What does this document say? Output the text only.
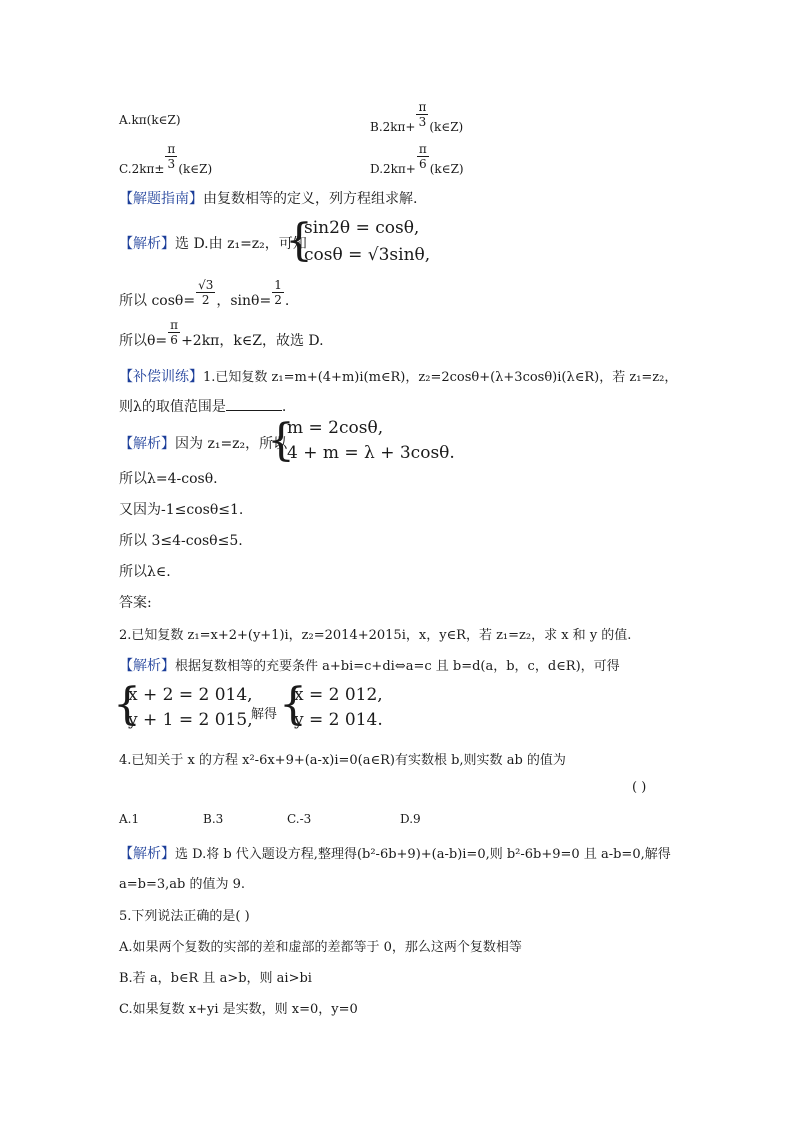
A.kπ(k∈Z)	$B.2k\pi+ \frac{\pi}{3}$ (k∈Z)
$C.2k\pi\pm \frac{\pi}{3}$ (k∈Z)	$D.2k\pi+ \frac{\pi}{6}$ (k∈Z)
【解题指南】由复数相等的定义，列方程组求解.
【解析】选 D.由 z₁=z₂，可知
{
sin2θ = cosθ,
cosθ = √3sinθ,
所以 $\cos\theta= \frac{√3}{2}$ ，$\sin\theta= \frac{1}{2}$ .
所以$\theta= \frac{\pi}{6} +2k\pi$，k∈Z，故选 D.
【补偿训练】1.已知复数 z₁=m+(4+m)i(m∈R)，z₂=2cosθ+(λ+3cosθ)i(λ∈R)，若 z₁=z₂，
则λ的取值范围是	.
【解析】因为 z₁=z₂，所以
{
m = 2cosθ,
4 + m = λ + 3cosθ.
所以λ=4-cosθ.
又因为-1≤cosθ≤1.
所以 3≤4-cosθ≤5.
所以λ∈.
答案:
2.已知复数 z₁=x+2+(y+1)i，z₂=2014+2015i，x，y∈R，若 z₁=z₂，求 x 和 y 的值.
【解析】根据复数相等的充要条件 a+bi=c+di⇔a=c 且 b=d(a，b，c，d∈R)，可得
{
x + 2 = 2 014,
y + 1 = 2 015,
解得 {
x = 2 012,
y = 2 014.
4.已知关于 x 的方程 x²-6x+9+(a-x)i=0(a∈R)有实数根 b,则实数 ab 的值为
( )
A.1	B.3	C.-3	D.9
【解析】选 D.将 b 代入题设方程,整理得(b²-6b+9)+(a-b)i=0,则 b²-6b+9=0 且 a-b=0,解得
a=b=3,ab 的值为 9.
5.下列说法正确的是( )
A.如果两个复数的实部的差和虚部的差都等于 0，那么这两个复数相等
B.若 a，b∈R 且 a>b，则 ai>bi
C.如果复数 x+yi 是实数，则 x=0，y=0
